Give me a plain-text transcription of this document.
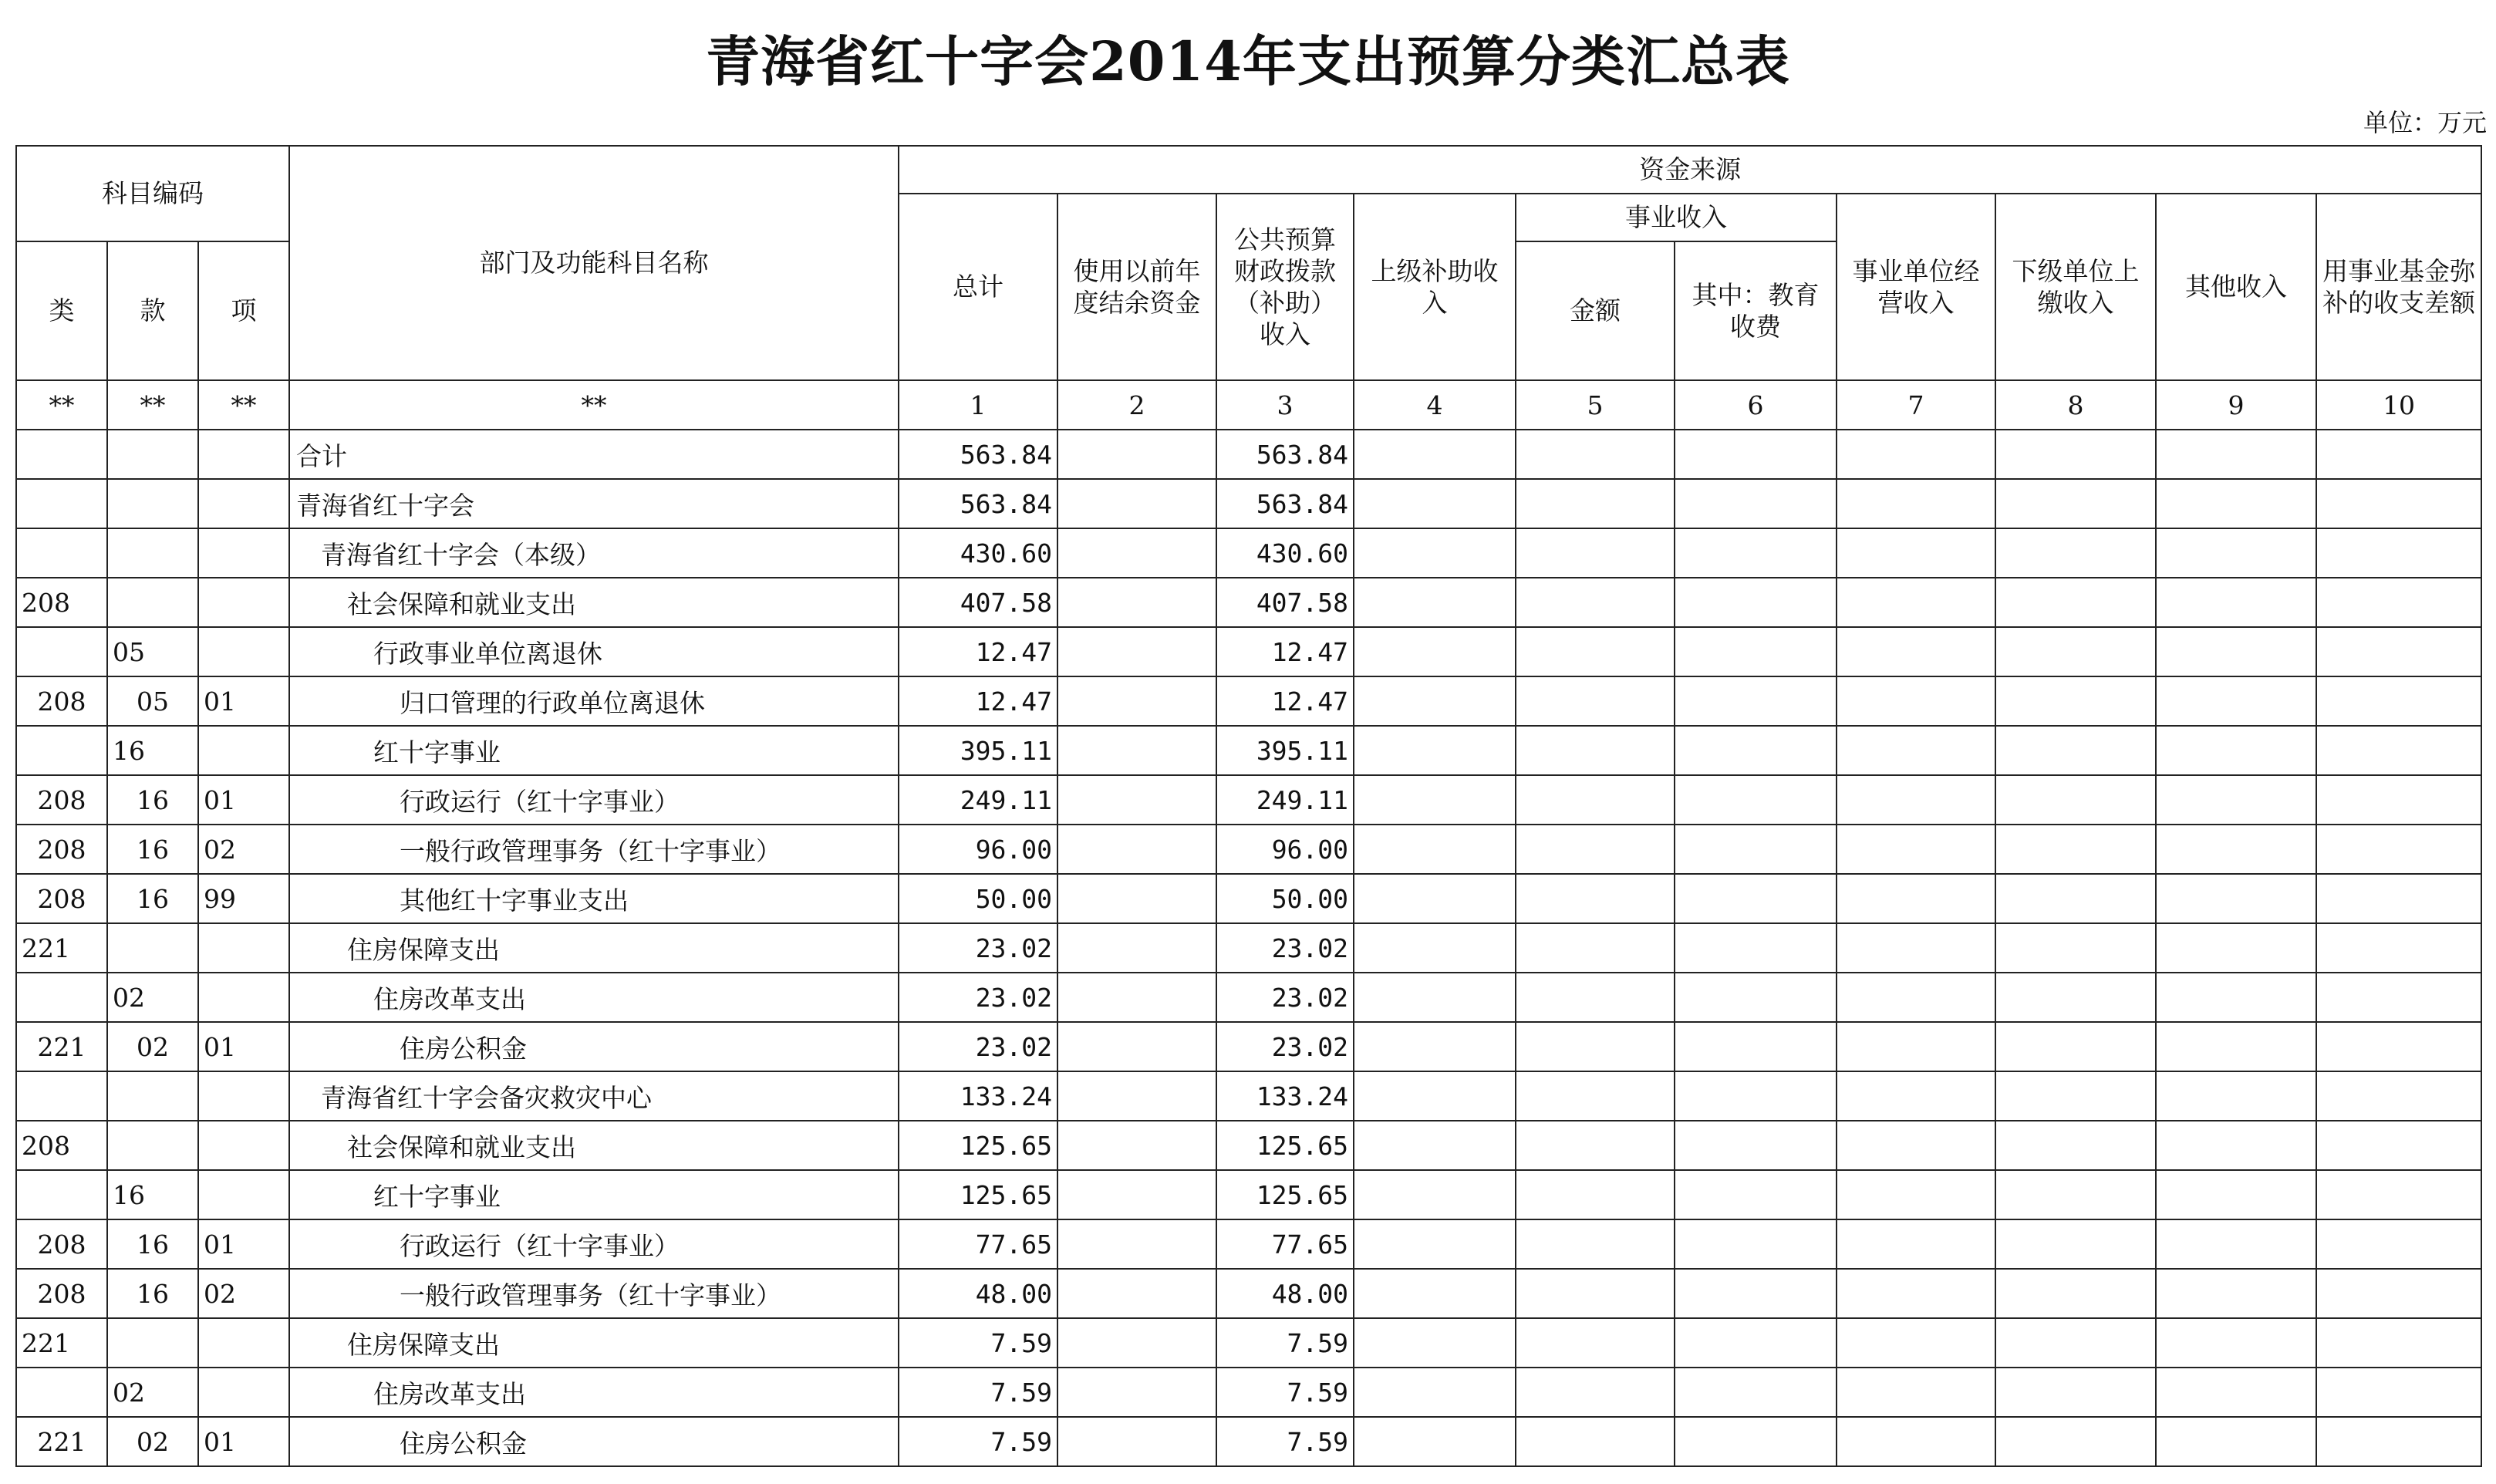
青海省红十字会2014年支出预算分类汇总表
单位：万元
科目编码			部门及功能科目名称	资金来源									
				总计	使用以前年度结余资金	公共预算财政拨款（补助）收入	上级补助收入	事业收入		事业单位经营收入	下级单位上缴收入	其他收入	用事业基金弥补的收支差额
类	款	项						金额	其中：教育收费				
**	**	**	**	1	2	3	4	5	6	7	8	9	10
			合计	563.84		563.84							
			青海省红十字会	563.84		563.84							
			青海省红十字会（本级）	430.60		430.60							
208			社会保障和就业支出	407.58		407.58							
	05		行政事业单位离退休	12.47		12.47							
208	05	01	归口管理的行政单位离退休	12.47		12.47							
	16		红十字事业	395.11		395.11							
208	16	01	行政运行（红十字事业）	249.11		249.11							
208	16	02	一般行政管理事务（红十字事业）	96.00		96.00							
208	16	99	其他红十字事业支出	50.00		50.00							
221			住房保障支出	23.02		23.02							
	02		住房改革支出	23.02		23.02							
221	02	01	住房公积金	23.02		23.02							
			青海省红十字会备灾救灾中心	133.24		133.24							
208			社会保障和就业支出	125.65		125.65							
	16		红十字事业	125.65		125.65							
208	16	01	行政运行（红十字事业）	77.65		77.65							
208	16	02	一般行政管理事务（红十字事业）	48.00		48.00							
221			住房保障支出	7.59		7.59							
	02		住房改革支出	7.59		7.59							
221	02	01	住房公积金	7.59		7.59							
